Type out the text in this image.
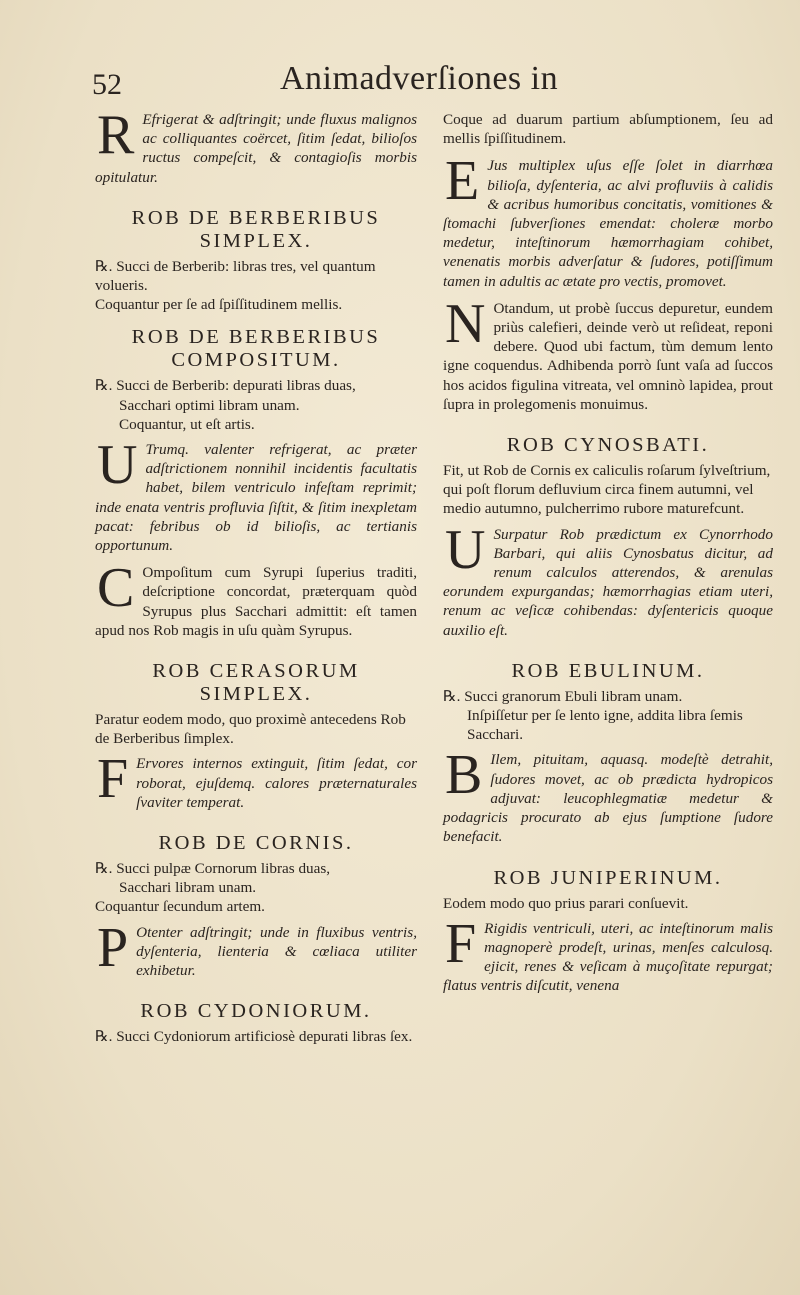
52	Animadverſiones in

R Efrigerat & adſtringit; unde fluxus malignos ac colliquantes coërcet, ſitim ſedat, bilioſos ructus compeſcit, & contagioſis morbis opitulatur.

ROB DE BERBERIBUS
SIMPLEX.
℞. Succi de Berberib: libras tres, vel quantum volueris.
Coquantur per ſe ad ſpiſſitudinem mellis.
ROB DE BERBERIBUS
COMPOSITUM.
℞. Succi de Berberib: depurati libras duas,
Sacchari optimi libram unam.
Coquantur, ut eſt artis.

U Trumq. valenter refrigerat, ac præter adſtrictionem nonnihil incidentis facultatis habet, bilem ventriculo infeſtam reprimit; inde enata ventris profluvia ſiſtit, & ſitim inexpletam pacat: febribus ob id bilioſis, ac tertianis opportunum.

C Ompoſitum cum Syrupi ſuperius traditi, deſcriptione concordat, præterquam quòd Syrupus plus Sacchari admittit: eſt tamen apud nos Rob magis in uſu quàm Syrupus.

ROB CERASORUM
SIMPLEX.
Paratur eodem modo, quo proximè antecedens Rob de Berberibus ſimplex.

F Ervores internos extinguit, ſitim ſedat, cor roborat, ejuſdemq. calores præternaturales ſvaviter temperat.

ROB DE CORNIS.
℞. Succi pulpæ Cornorum libras duas,
Sacchari libram unam.
Coquantur ſecundum artem.

P Otenter adſtringit; unde in fluxibus ventris, dyſenteria, lienteria & cœliaca utiliter exhibetur.

ROB CYDONIORUM.
℞. Succi Cydoniorum artificiosè depurati libras ſex.

Coque ad duarum partium abſumptionem, ſeu ad mellis ſpiſſitudinem.

E Jus multiplex uſus eſſe ſolet in diarrhœa bilioſa, dyſenteria, ac alvi profluviis à calidis & acribus humoribus concitatis, vomitiones & ſtomachi ſubverſiones emendat: choleræ morbo medetur, inteſtinorum hæmorrhagiam cohibet, venenatis morbis adverſatur & ſudores, potiſſimum tamen in adultis ac ætate pro vectis, promovet.

N Otandum, ut probè ſuccus depuretur, eundem priùs calefieri, deinde verò ut reſideat, reponi debere. Quod ubi factum, tùm demum lento igne coquendus. Adhibenda porrò ſunt vaſa ad ſuccos hos acidos figulina vitreata, vel omninò lapidea, prout ſupra in prolegomenis monuimus.

ROB CYNOSBATI.
Fit, ut Rob de Cornis ex caliculis roſarum ſylveſtrium, qui poſt florum defluvium circa finem autumni, vel medio autumno, pulcherrimo rubore maturefcunt.

U Surpatur Rob prædictum ex Cynorrhodo Barbari, qui aliis Cynosbatus dicitur, ad renum calculos atterendos, & arenulas eorundem expurgandas; hæmorrhagias etiam uteri, renum ac veſicæ cohibendas: dyſentericis quoque auxilio eſt.

ROB EBULINUM.
℞. Succi granorum Ebuli libram unam.
Inſpiſſetur per ſe lento igne, addita libra ſemis Sacchari.

B Ilem, pituitam, aquasq. modeſtè detrahit, ſudores movet, ac ob prædicta hydropicos adjuvat: leucophlegmatiæ medetur & podagricis procurato ab ejus ſumptione ſudore benefacit.

ROB JUNIPERINUM.
Eodem modo quo prius parari conſuevit.

F Rigidis ventriculi, uteri, ac inteſtinorum malis magnoperè prodeſt, urinas, menſes calculosq. ejicit, renes & veſicam à muçoſitate repurgat; flatus ventris diſcutit, venena
